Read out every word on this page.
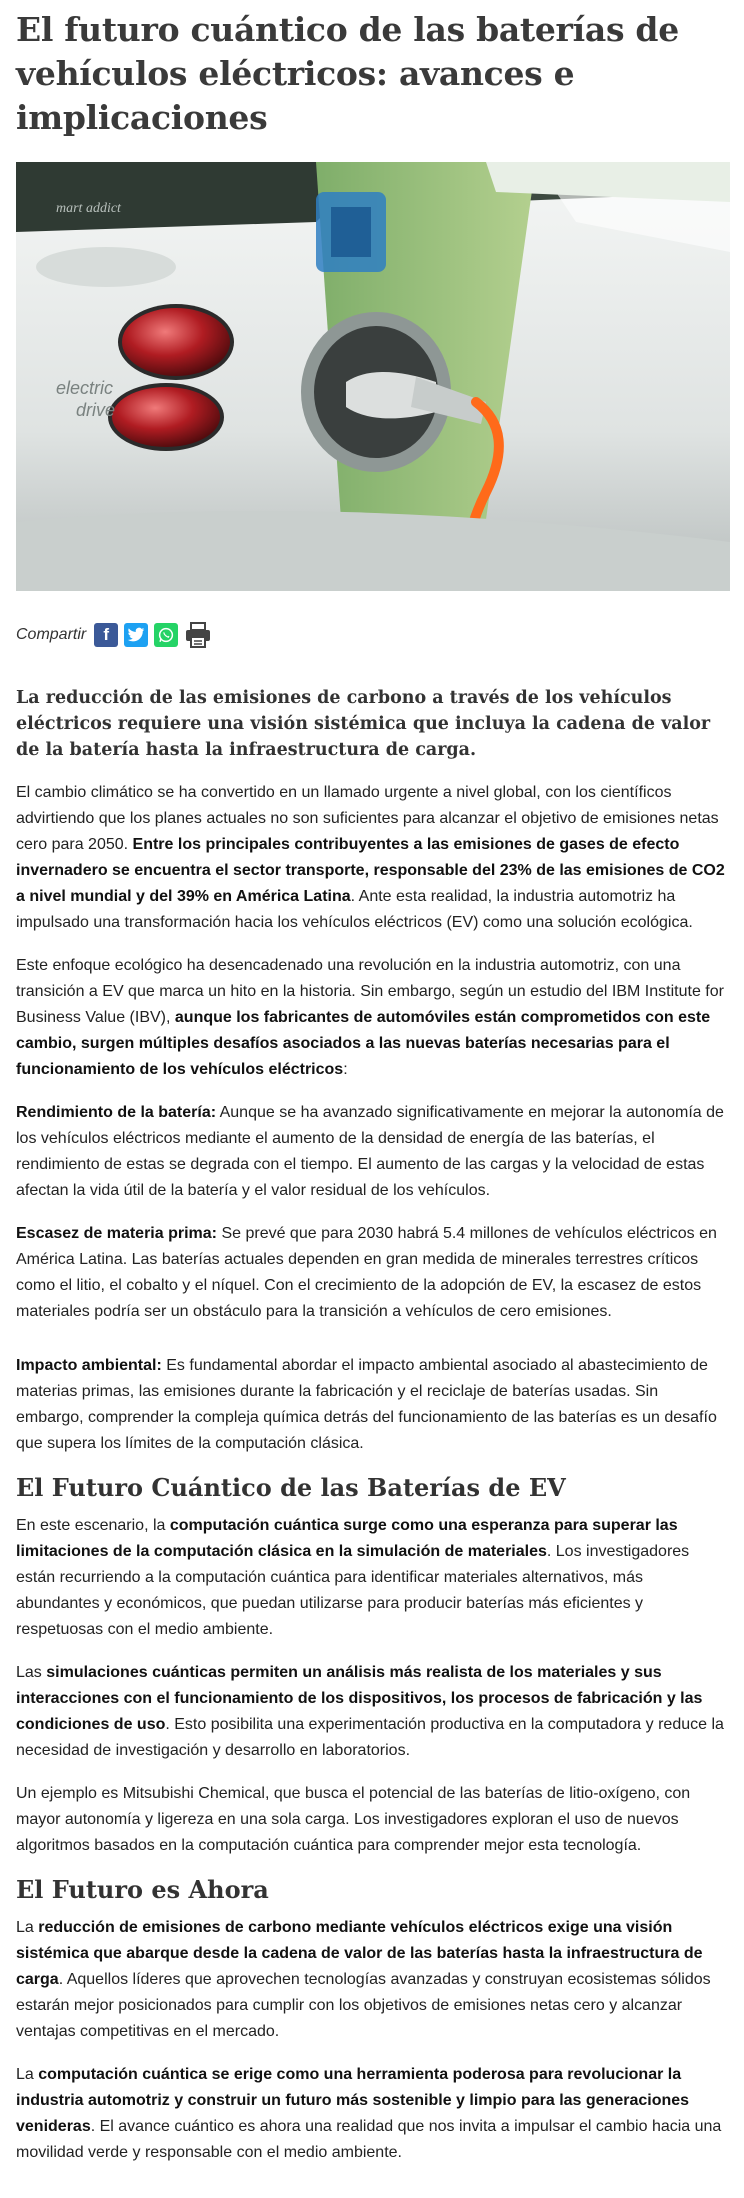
El futuro cuántico de las baterías de vehículos eléctricos: avances e implicaciones
electric
drive
mart addict
Compartir	f

La reducción de las emisiones de carbono a través de los vehículos eléctricos requiere una visión sistémica que incluya la cadena de valor de la batería hasta la infraestructura de carga.

El cambio climático se ha convertido en un llamado urgente a nivel global, con los científicos advirtiendo que los planes actuales no son suficientes para alcanzar el objetivo de emisiones netas cero para 2050. Entre los principales contribuyentes a las emisiones de gases de efecto invernadero se encuentra el sector transporte, responsable del 23% de las emisiones de CO2 a nivel mundial y del 39% en América Latina. Ante esta realidad, la industria automotriz ha impulsado una transformación hacia los vehículos eléctricos (EV) como una solución ecológica.

Este enfoque ecológico ha desencadenado una revolución en la industria automotriz, con una transición a EV que marca un hito en la historia. Sin embargo, según un estudio del IBM Institute for Business Value (IBV), aunque los fabricantes de automóviles están comprometidos con este cambio, surgen múltiples desafíos asociados a las nuevas baterías necesarias para el funcionamiento de los vehículos eléctricos:

Rendimiento de la batería: Aunque se ha avanzado significativamente en mejorar la autonomía de los vehículos eléctricos mediante el aumento de la densidad de energía de las baterías, el rendimiento de estas se degrada con el tiempo. El aumento de las cargas y la velocidad de estas afectan la vida útil de la batería y el valor residual de los vehículos.

Escasez de materia prima: Se prevé que para 2030 habrá 5.4 millones de vehículos eléctricos en América Latina. Las baterías actuales dependen en gran medida de minerales terrestres críticos como el litio, el cobalto y el níquel. Con el crecimiento de la adopción de EV, la escasez de estos materiales podría ser un obstáculo para la transición a vehículos de cero emisiones.

Impacto ambiental: Es fundamental abordar el impacto ambiental asociado al abastecimiento de materias primas, las emisiones durante la fabricación y el reciclaje de baterías usadas. Sin embargo, comprender la compleja química detrás del funcionamiento de las baterías es un desafío que supera los límites de la computación clásica.

El Futuro Cuántico de las Baterías de EV

En este escenario, la computación cuántica surge como una esperanza para superar las limitaciones de la computación clásica en la simulación de materiales. Los investigadores están recurriendo a la computación cuántica para identificar materiales alternativos, más abundantes y económicos, que puedan utilizarse para producir baterías más eficientes y respetuosas con el medio ambiente.

Las simulaciones cuánticas permiten un análisis más realista de los materiales y sus interacciones con el funcionamiento de los dispositivos, los procesos de fabricación y las condiciones de uso. Esto posibilita una experimentación productiva en la computadora y reduce la necesidad de investigación y desarrollo en laboratorios.

Un ejemplo es Mitsubishi Chemical, que busca el potencial de las baterías de litio-oxígeno, con mayor autonomía y ligereza en una sola carga. Los investigadores exploran el uso de nuevos algoritmos basados en la computación cuántica para comprender mejor esta tecnología.

El Futuro es Ahora

La reducción de emisiones de carbono mediante vehículos eléctricos exige una visión sistémica que abarque desde la cadena de valor de las baterías hasta la infraestructura de carga. Aquellos líderes que aprovechen tecnologías avanzadas y construyan ecosistemas sólidos estarán mejor posicionados para cumplir con los objetivos de emisiones netas cero y alcanzar ventajas competitivas en el mercado.

La computación cuántica se erige como una herramienta poderosa para revolucionar la industria automotriz y construir un futuro más sostenible y limpio para las generaciones venideras. El avance cuántico es ahora una realidad que nos invita a impulsar el cambio hacia una movilidad verde y responsable con el medio ambiente.
